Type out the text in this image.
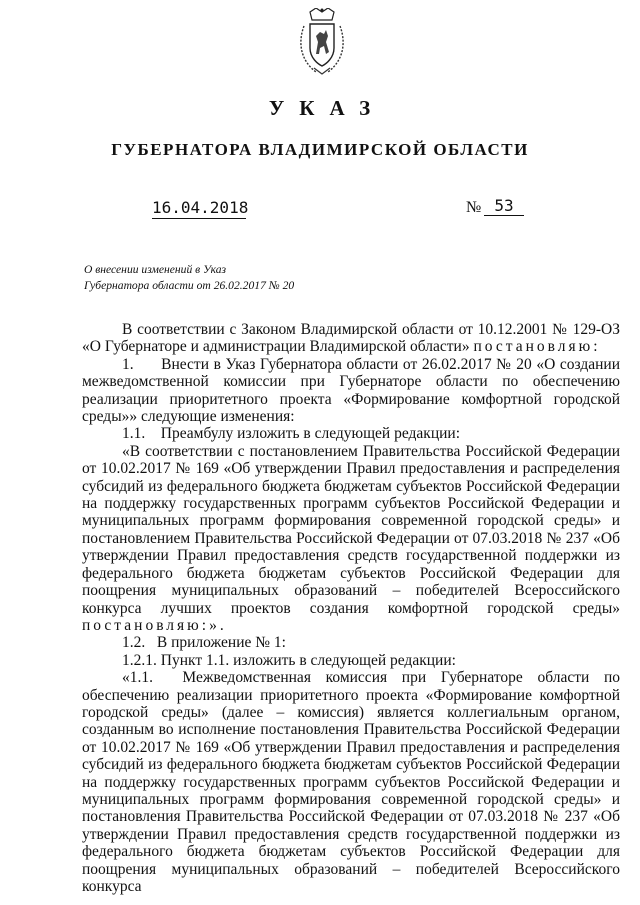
УКАЗ
ГУБЕРНАТОРА ВЛАДИМИРСКОЙ ОБЛАСТИ
16.04.2018	№ 53
О внесении изменений в Указ
Губернатора области от 26.02.2017 № 20

В соответствии с Законом Владимирской области от 10.12.2001 № 129-ОЗ «О Губернаторе и администрации Владимирской области» постановляю:

1.      Внести в Указ Губернатора области от 26.02.2017 № 20 «О создании межведомственной комиссии при Губернаторе области по обеспечению реализации приоритетного проекта «Формирование комфортной городской среды»» следующие изменения:

1.1.    Преамбулу изложить в следующей редакции:

«В соответствии с постановлением Правительства Российской Федерации от 10.02.2017 № 169 «Об утверждении Правил предоставления и распределения субсидий из федерального бюджета бюджетам субъектов Российской Федерации на поддержку государственных программ субъектов Российской Федерации и муниципальных программ формирования современной городской среды» и постановлением Правительства Российской Федерации от 07.03.2018 № 237 «Об утверждении Правил предоставления средств государственной поддержки из федерального бюджета бюджетам субъектов Российской Федерации для поощрения муниципальных образований – победителей Всероссийского конкурса лучших проектов создания комфортной городской среды» постановляю:».

1.2.   В приложение № 1:

1.2.1. Пункт 1.1. изложить в следующей редакции:

«1.1.  Межведомственная комиссия при Губернаторе области по обеспечению реализации приоритетного проекта «Формирование комфортной городской среды» (далее – комиссия) является коллегиальным органом, созданным во исполнение постановления Правительства Российской Федерации от 10.02.2017 № 169 «Об утверждении Правил предоставления и распределения субсидий из федерального бюджета бюджетам субъектов Российской Федерации на поддержку государственных программ субъектов Российской Федерации и муниципальных программ формирования современной городской среды» и постановления Правительства Российской Федерации от 07.03.2018 № 237 «Об утверждении Правил предоставления средств государственной поддержки из федерального бюджета бюджетам субъектов Российской Федерации для поощрения муниципальных образований – победителей Всероссийского конкурса
